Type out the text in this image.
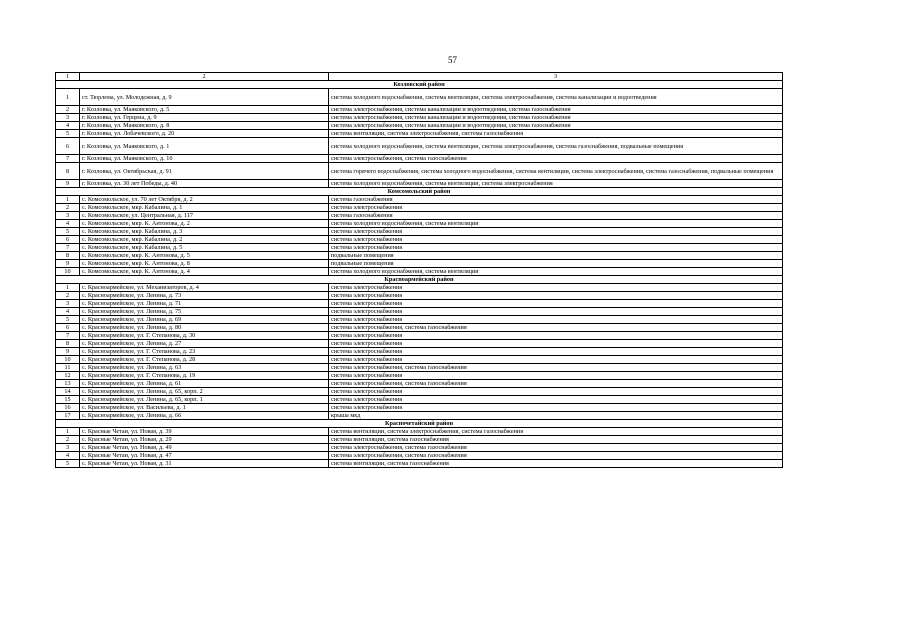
57
1	2	3
Козловский район		
1	ст. Тюрлема, ул. Молодежная, д. 9	система холодного водоснабжения, система вентиляции, система электроснабжения, система канализации и водоотведения
2	г. Козловка, ул. Маяковского, д. 5	система электроснабжения, система канализации и водоотведения, система газоснабжения
3	г. Козловка, ул. Герцена, д. 9	система электроснабжения, система канализации и водоотведения, система газоснабжения
4	г. Козловка, ул. Маяковского, д. 8	система электроснабжения, система канализации и водоотведения, система газоснабжения
5	г. Козловка, ул. Лобачевского, д. 20	система вентиляции, система электроснабжения, система газоснабжения
6	г. Козловка, ул. Маяковского, д. 1	система холодного водоснабжения, система вентиляции, система электроснабжения, система газоснабжения, подвальные помещения
7	г. Козловка, ул. Маяковского, д. 10	система электроснабжения, система газоснабжения
8	г. Козловка, ул. Октябрьская, д. 91	система горячего водоснабжения, система холодного водоснабжения, система вентиляции, система электроснабжения, система газоснабжения, подвальные помещения
9	г. Козловка, ул. 30 лет Победы, д. 40	система холодного водоснабжения, система вентиляции, система электроснабжения
Комсомольский район		
1	с. Комсомольское, ул. 70 лет Октября, д. 2	система газоснабжения
2	с. Комсомольское, мкр. Кабалина, д. 1	система электроснабжения
3	с. Комсомольское, ул. Центральная, д. 117	система газоснабжения
4	с. Комсомольское, мкр. К. Антонова, д. 2	система холодного водоснабжения, система вентиляции
5	с. Комсомольское, мкр. Кабалина, д. 3	система электроснабжения
6	с. Комсомольское, мкр. Кабалина, д. 2	система электроснабжения
7	с. Комсомольское, мкр. Кабалина, д. 5	система электроснабжения
8	с. Комсомольское, мкр. К. Антонова, д. 5	подвальные помещения
9	с. Комсомольское, мкр. К. Антонова, д. 8	подвальные помещения
10	с. Комсомольское, мкр. К. Антонова, д. 4	система холодного водоснабжения, система вентиляции
Красноармейский район		
1	с. Красноармейское, ул. Механизаторов, д. 4	система электроснабжения
2	с. Красноармейское, ул. Ленина, д. 73	система электроснабжения
3	с. Красноармейское, ул. Ленина, д. 71	система электроснабжения
4	с. Красноармейское, ул. Ленина, д. 75	система электроснабжения
5	с. Красноармейское, ул. Ленина, д. 69	система электроснабжения
6	с. Красноармейское, ул. Ленина, д. 80	система электроснабжения, система газоснабжения
7	с. Красноармейское, ул. Г. Степанова, д. 30	система электроснабжения
8	с. Красноармейское, ул. Ленина, д. 27	система электроснабжения
9	с. Красноармейское, ул. Г. Степанова, д. 23	система электроснабжения
10	с. Красноармейское, ул. Г. Степанова, д. 28	система электроснабжения
11	с. Красноармейское, ул. Ленина, д. 63	система электроснабжения, система газоснабжения
12	с. Красноармейское, ул. Г. Степанова, д. 19	система электроснабжения
13	с. Красноармейское, ул. Ленина, д. 61	система электроснабжения, система газоснабжения
14	с. Красноармейское, ул. Ленина, д. 65, корп. 2	система электроснабжения
15	с. Красноармейское, ул. Ленина, д. 65, корп. 1	система электроснабжения
16	с. Красноармейское, ул. Васильева, д. 1	система электроснабжения
17	с. Красноармейское, ул. Ленина, д. 66	крыша мкд
Красночетайский район		
1	с. Красные Четаи, ул. Новая, д. 39	система вентиляции, система электроснабжения, система газоснабжения
2	с. Красные Четаи, ул. Новая, д. 29	система вентиляции, система газоснабжения
3	с. Красные Четаи, ул. Новая, д. 49	система электроснабжения, система газоснабжения
4	с. Красные Четаи, ул. Новая, д. 47	система электроснабжения, система газоснабжения
5	с. Красные Четаи, ул. Новая, д. 31	система вентиляции, система газоснабжения
